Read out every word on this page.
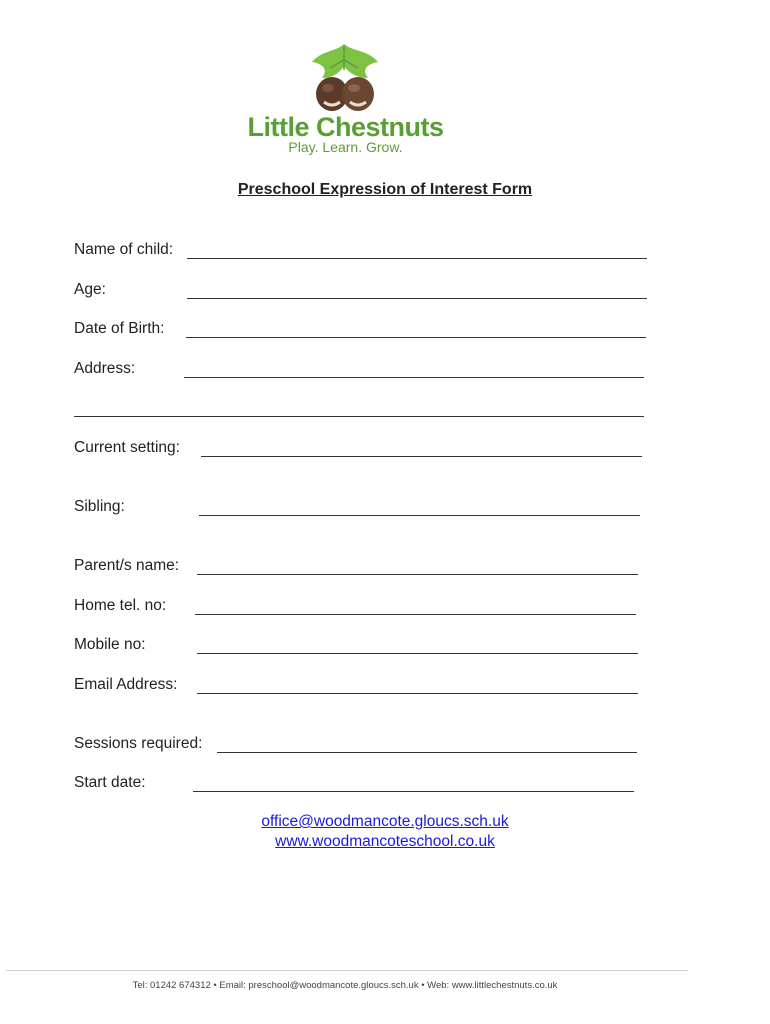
Little Chestnuts
Play. Learn. Grow.
Preschool Expression of Interest Form
Name of child:
Age:
Date of Birth:
Address:
Current setting:
Sibling:
Parent/s name:
Home tel. no:
Mobile no:
Email Address:
Sessions required:
Start date:
office@woodmancote.gloucs.sch.uk
www.woodmancoteschool.co.uk
Tel: 01242 674312 • Email: preschool@woodmancote.gloucs.sch.uk • Web: www.littlechestnuts.co.uk
